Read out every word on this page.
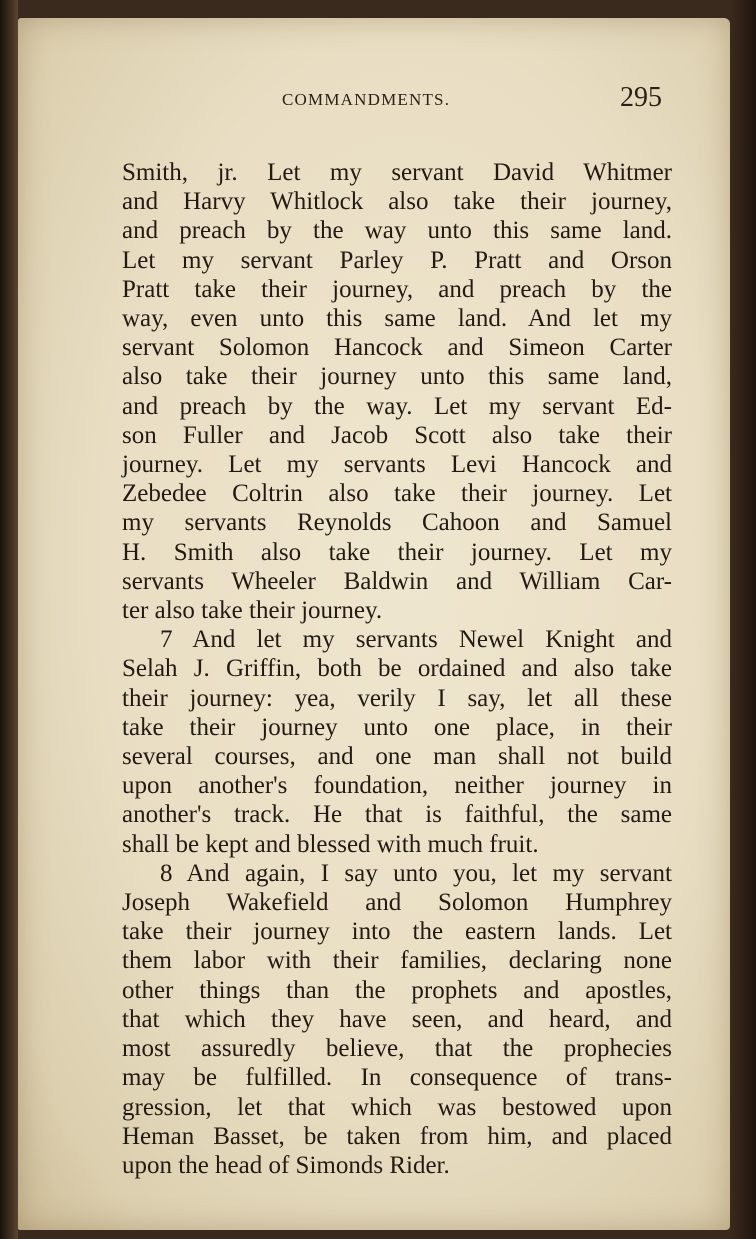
COMMANDMENTS.	295
Smith, jr. Let my servant David Whitmer
and Harvy Whitlock also take their journey,
and preach by the way unto this same land.
Let my servant Parley P. Pratt and Orson
Pratt take their journey, and preach by the
way, even unto this same land. And let my
servant Solomon Hancock and Simeon Carter
also take their journey unto this same land,
and preach by the way. Let my servant Ed-
son Fuller and Jacob Scott also take their
journey. Let my servants Levi Hancock and
Zebedee Coltrin also take their journey. Let
my servants Reynolds Cahoon and Samuel
H. Smith also take their journey. Let my
servants Wheeler Baldwin and William Car-
ter also take their journey.
7 And let my servants Newel Knight and
Selah J. Griffin, both be ordained and also take
their journey: yea, verily I say, let all these
take their journey unto one place, in their
several courses, and one man shall not build
upon another's foundation, neither journey in
another's track. He that is faithful, the same
shall be kept and blessed with much fruit.
8 And again, I say unto you, let my servant
Joseph Wakefield and Solomon Humphrey
take their journey into the eastern lands. Let
them labor with their families, declaring none
other things than the prophets and apostles,
that which they have seen, and heard, and
most assuredly believe, that the prophecies
may be fulfilled. In consequence of trans-
gression, let that which was bestowed upon
Heman Basset, be taken from him, and placed
upon the head of Simonds Rider.
